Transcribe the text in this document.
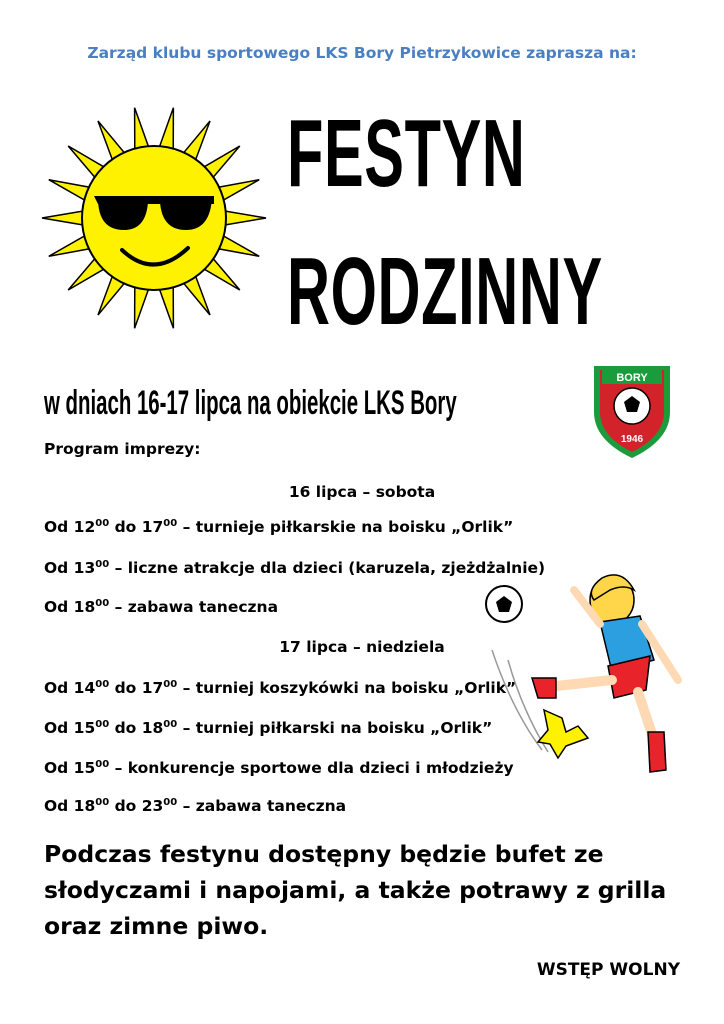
Zarząd klubu sportowego LKS Bory Pietrzykowice zaprasza na:
FESTYN
RODZINNY
w dniach 16-17 lipca na obiekcie LKS Bory
BORY
1946
Program imprezy:
16 lipca – sobota
Od $12^{00}$ do $17^{00}$ – turnieje piłkarskie na boisku „Orlik”
Od $13^{00}$ – liczne atrakcje dla dzieci (karuzela, zjeżdżalnie)
Od $18^{00}$ – zabawa taneczna
17 lipca – niedziela
Od $14^{00}$ do $17^{00}$ – turniej koszykówki na boisku „Orlik”
Od $15^{00}$ do $18^{00}$ – turniej piłkarski na boisku „Orlik”
Od $15^{00}$ – konkurencje sportowe dla dzieci i młodzieży
Od $18^{00}$ do $23^{00}$ – zabawa taneczna
Podczas festynu dostępny będzie bufet ze słodyczami i napojami, a także potrawy z grilla oraz zimne piwo.
WSTĘP WOLNY
